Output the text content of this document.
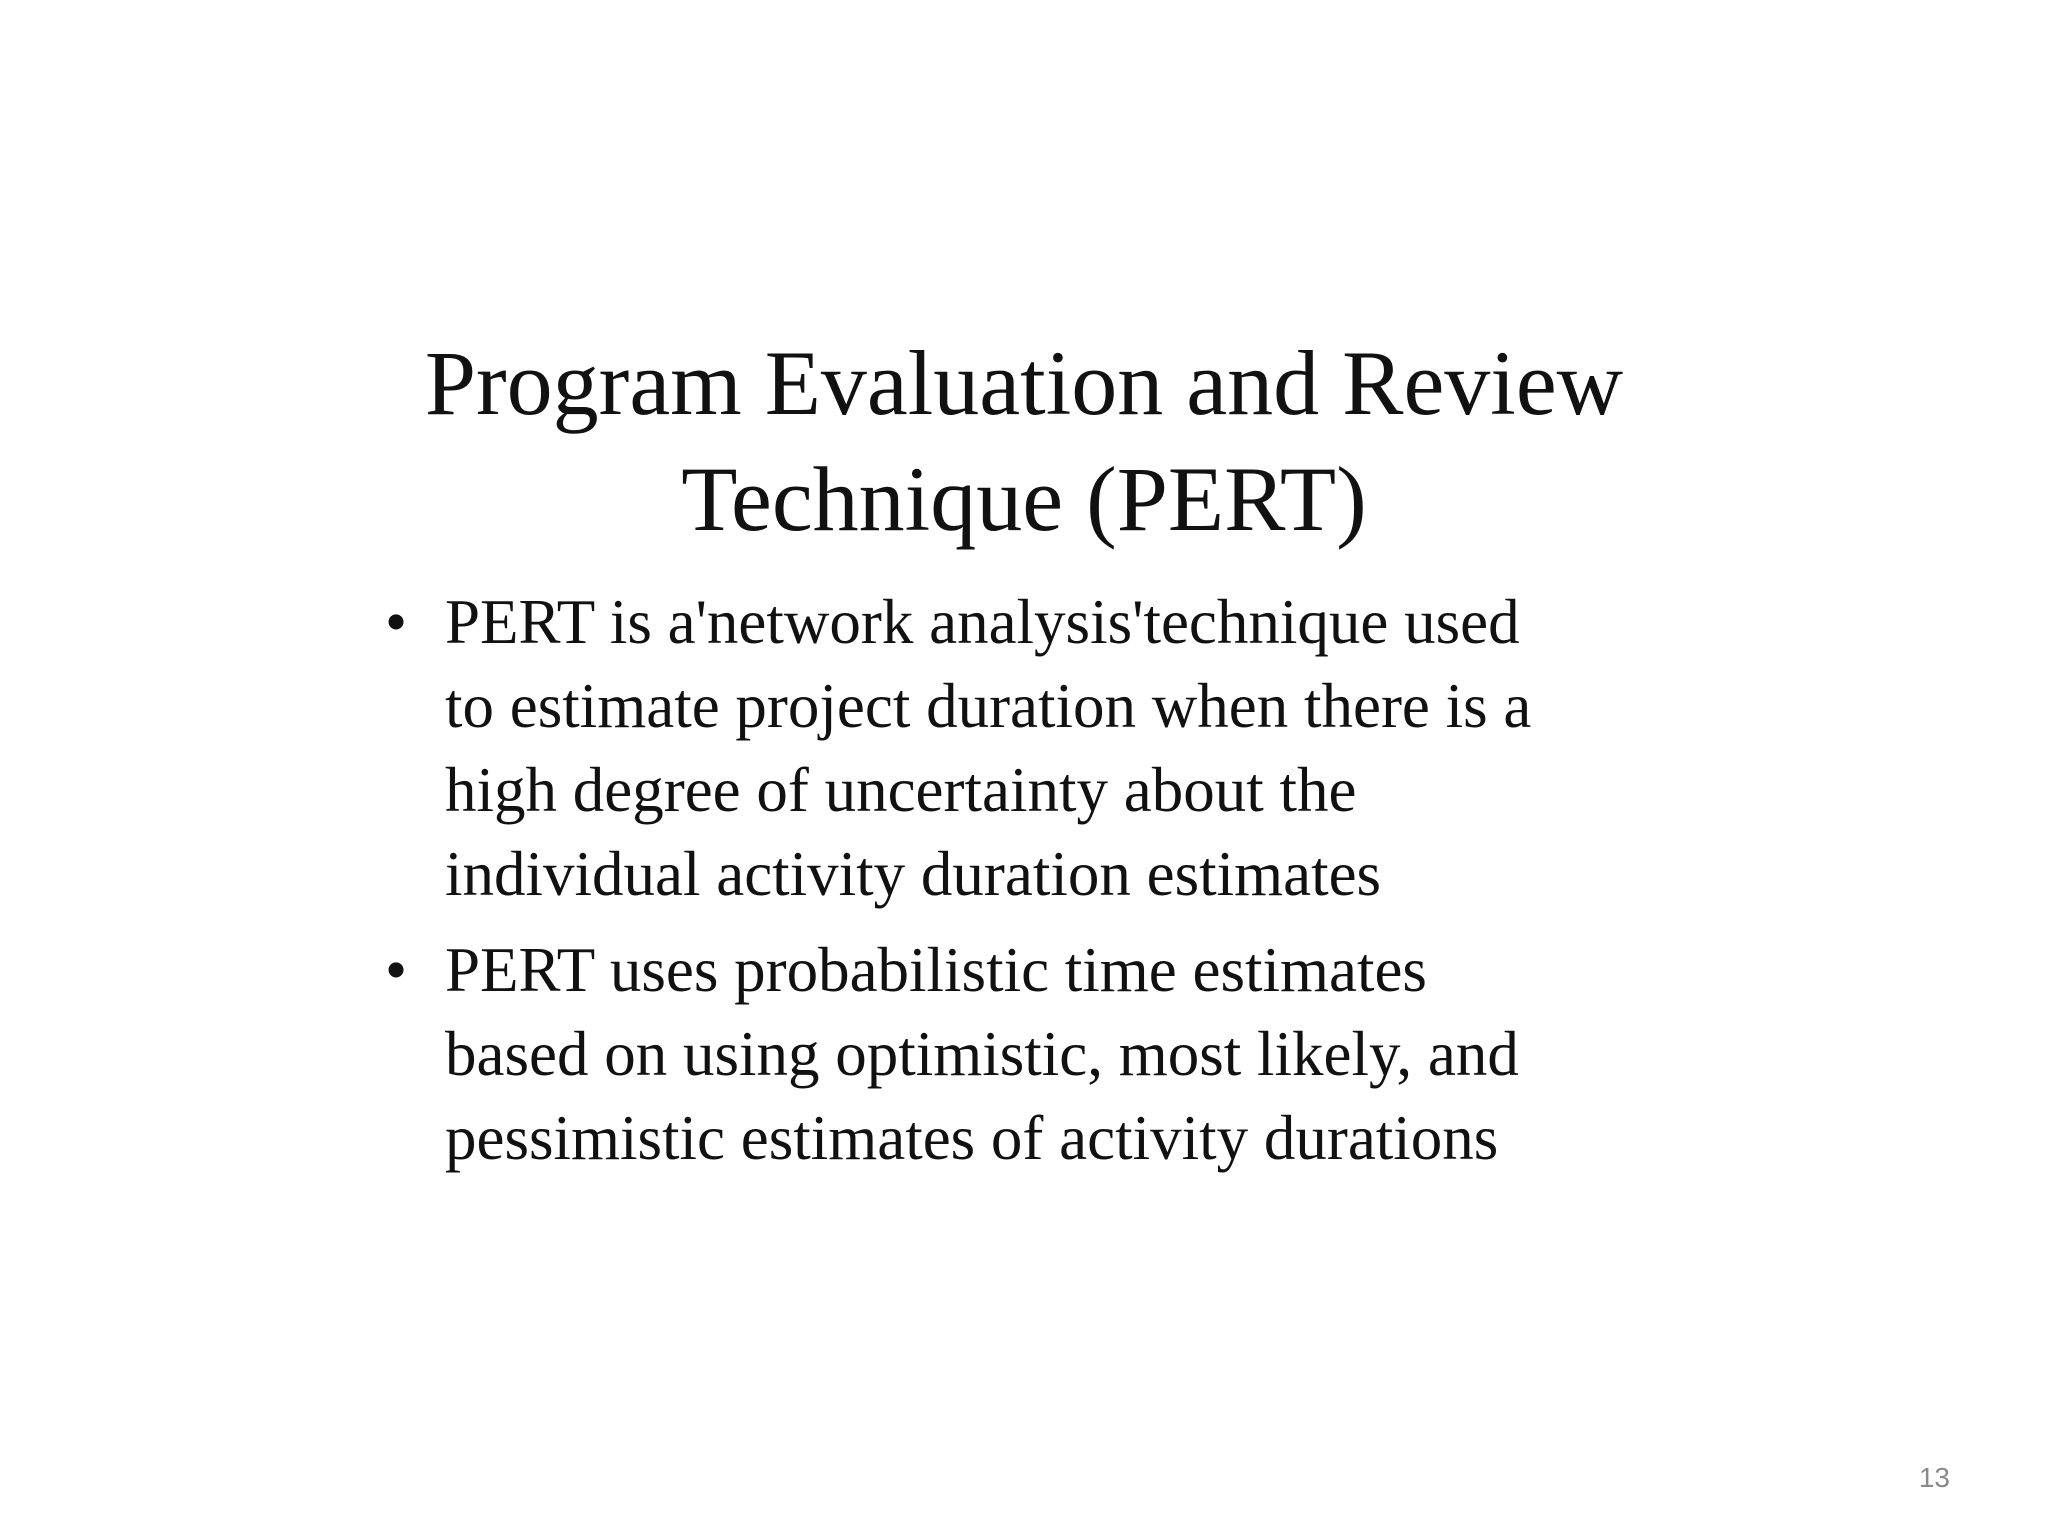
Program Evaluation and Review
Technique (PERT)
• PERT is a'network analysis'technique used
to estimate project duration when there is a
high degree of uncertainty about the
individual activity duration estimates
• PERT uses probabilistic time estimates
based on using optimistic, most likely, and
pessimistic estimates of activity durations
13
